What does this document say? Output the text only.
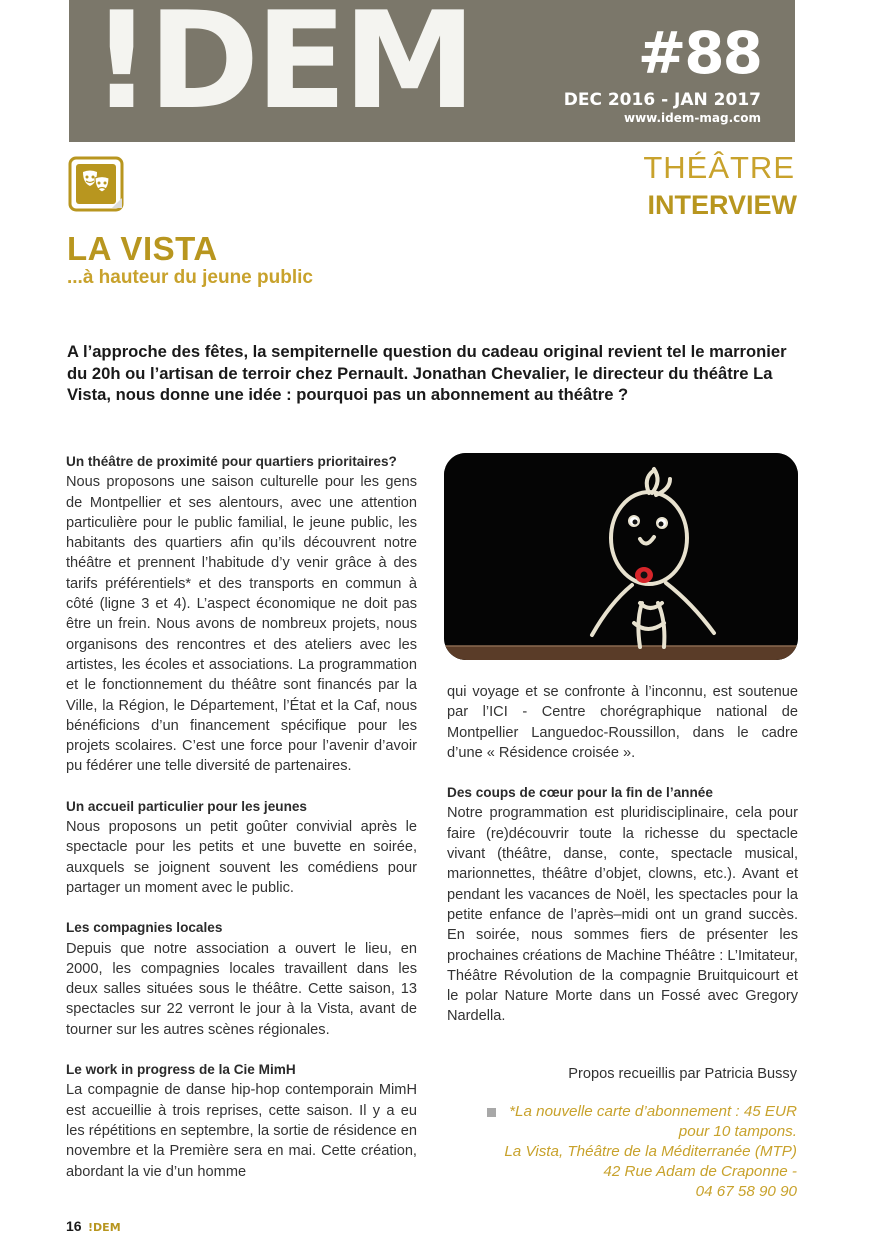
!DEM	#88
DEC 2016 - JAN 2017
www.idem-mag.com
THÉÂTRE
INTERVIEW
LA VISTA
...à hauteur du jeune public

A l’approche des fêtes, la sempiternelle question du cadeau original revient tel le marronier du 20h ou l’artisan de terroir chez Pernault. Jonathan Chevalier, le directeur du théâtre La Vista, nous donne une idée : pourquoi pas un abonnement au théâtre ?

Un théâtre de proximité pour quartiers prioritaires?

Nous proposons une saison culturelle pour les gens de Montpellier et ses alentours, avec une attention particulière pour le public familial, le jeune public, les habitants des quartiers afin qu’ils découvrent notre théâtre et prennent l’habitude d’y venir grâce à des tarifs préférentiels* et des transports en commun à côté (ligne 3 et 4). L’aspect économique ne doit pas être un frein. Nous avons de nombreux projets, nous organisons des rencontres et des ateliers avec les artistes, les écoles et associations. La programmation et le fonctionnement du théâtre sont financés par la Ville, la Région, le Département, l’État et la Caf, nous bénéficions d’un financement spécifique pour les projets scolaires. C’est une force pour l’avenir d’avoir pu fédérer une telle diversité de partenaires.

Un accueil particulier pour les jeunes

Nous proposons un petit goûter convivial après le spectacle pour les petits et une buvette en soirée, auxquels se joignent souvent les comédiens pour partager un moment avec le public.

Les compagnies locales

Depuis que notre association a ouvert le lieu, en 2000, les compagnies locales travaillent dans les deux salles situées sous le théâtre. Cette saison, 13 spectacles sur 22 verront le jour à la Vista, avant de tourner sur les autres scènes régionales.

Le work in progress de la Cie MimH

La compagnie de danse hip-hop contemporain MimH est accueillie à trois reprises, cette saison. Il y a eu les répétitions en septembre, la sortie de résidence en novembre et la Première sera en mai. Cette création, abordant la vie d’un homme

qui voyage et se confronte à l’inconnu, est soutenue par l’ICI - Centre chorégraphique national de Montpellier Languedoc-Roussillon, dans le cadre d’une « Résidence croisée ».

Des coups de cœur pour la fin de l’année

Notre programmation est pluridisciplinaire, cela pour faire (re)découvrir toute la richesse du spectacle vivant (théâtre, danse, conte, spectacle musical, marionnettes, théâtre d’objet, clowns, etc.). Avant et pendant les vacances de Noël, les spectacles pour la petite enfance de l’après–midi ont un grand succès. En soirée, nous sommes fiers de présenter les prochaines créations de Machine Théâtre : L’Imitateur, Théâtre Révolution de la compagnie Bruitquicourt et le polar Nature Morte dans un Fossé avec Gregory Nardella.

Propos recueillis par Patricia Bussy
*La nouvelle carte d’abonnement : 45 EUR
pour 10 tampons.
La Vista, Théâtre de la Méditerranée (MTP)
42 Rue Adam de Craponne -
04 67 58 90 90
16 !DEM
